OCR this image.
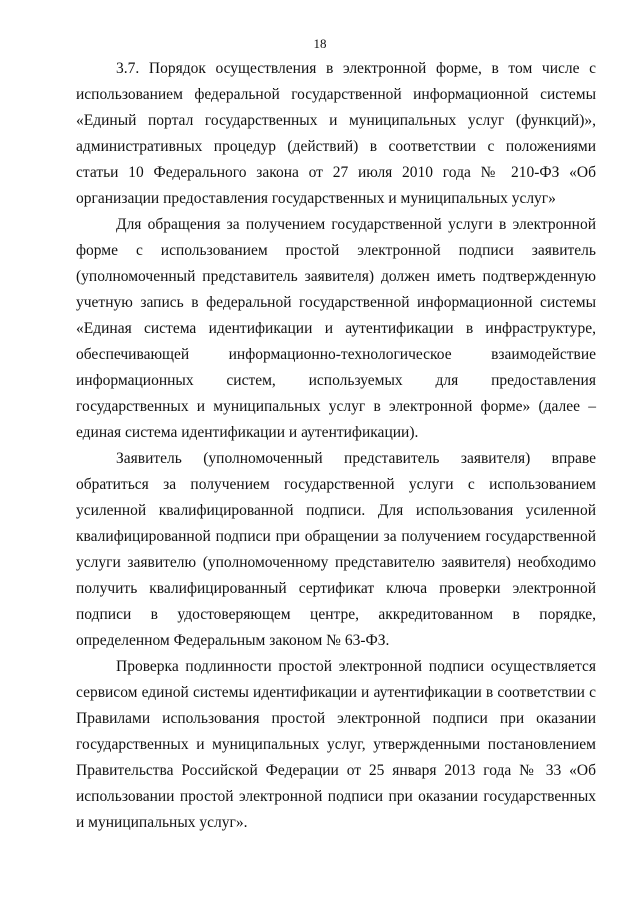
18

3.7. Порядок осуществления в электронной форме, в том числе с использованием федеральной государственной информационной системы «Единый портал государственных и муниципальных услуг (функций)», административных процедур (действий) в соответствии с положениями статьи 10 Федерального закона от 27 июля 2010 года № 210-ФЗ «Об организации предоставления государственных и муниципальных услуг»

Для обращения за получением государственной услуги в электронной форме с использованием простой электронной подписи заявитель (уполномоченный представитель заявителя) должен иметь подтвержденную учетную запись в федеральной государственной информационной системы «Единая система идентификации и аутентификации в инфраструктуре, обеспечивающей информационно-технологическое взаимодействие информационных систем, используемых для предоставления государственных и муниципальных услуг в электронной форме» (далее – единая система идентификации и аутентификации).

Заявитель (уполномоченный представитель заявителя) вправе обратиться за получением государственной услуги с использованием усиленной квалифицированной подписи. Для использования усиленной квалифицированной подписи при обращении за получением государственной услуги заявителю (уполномоченному представителю заявителя) необходимо получить квалифицированный сертификат ключа проверки электронной подписи в удостоверяющем центре, аккредитованном в порядке, определенном Федеральным законом № 63-ФЗ.

Проверка подлинности простой электронной подписи осуществляется сервисом единой системы идентификации и аутентификации в соответствии с Правилами использования простой электронной подписи при оказании государственных и муниципальных услуг, утвержденными постановлением Правительства Российской Федерации от 25 января 2013 года № 33 «Об использовании простой электронной подписи при оказании государственных и муниципальных услуг».
